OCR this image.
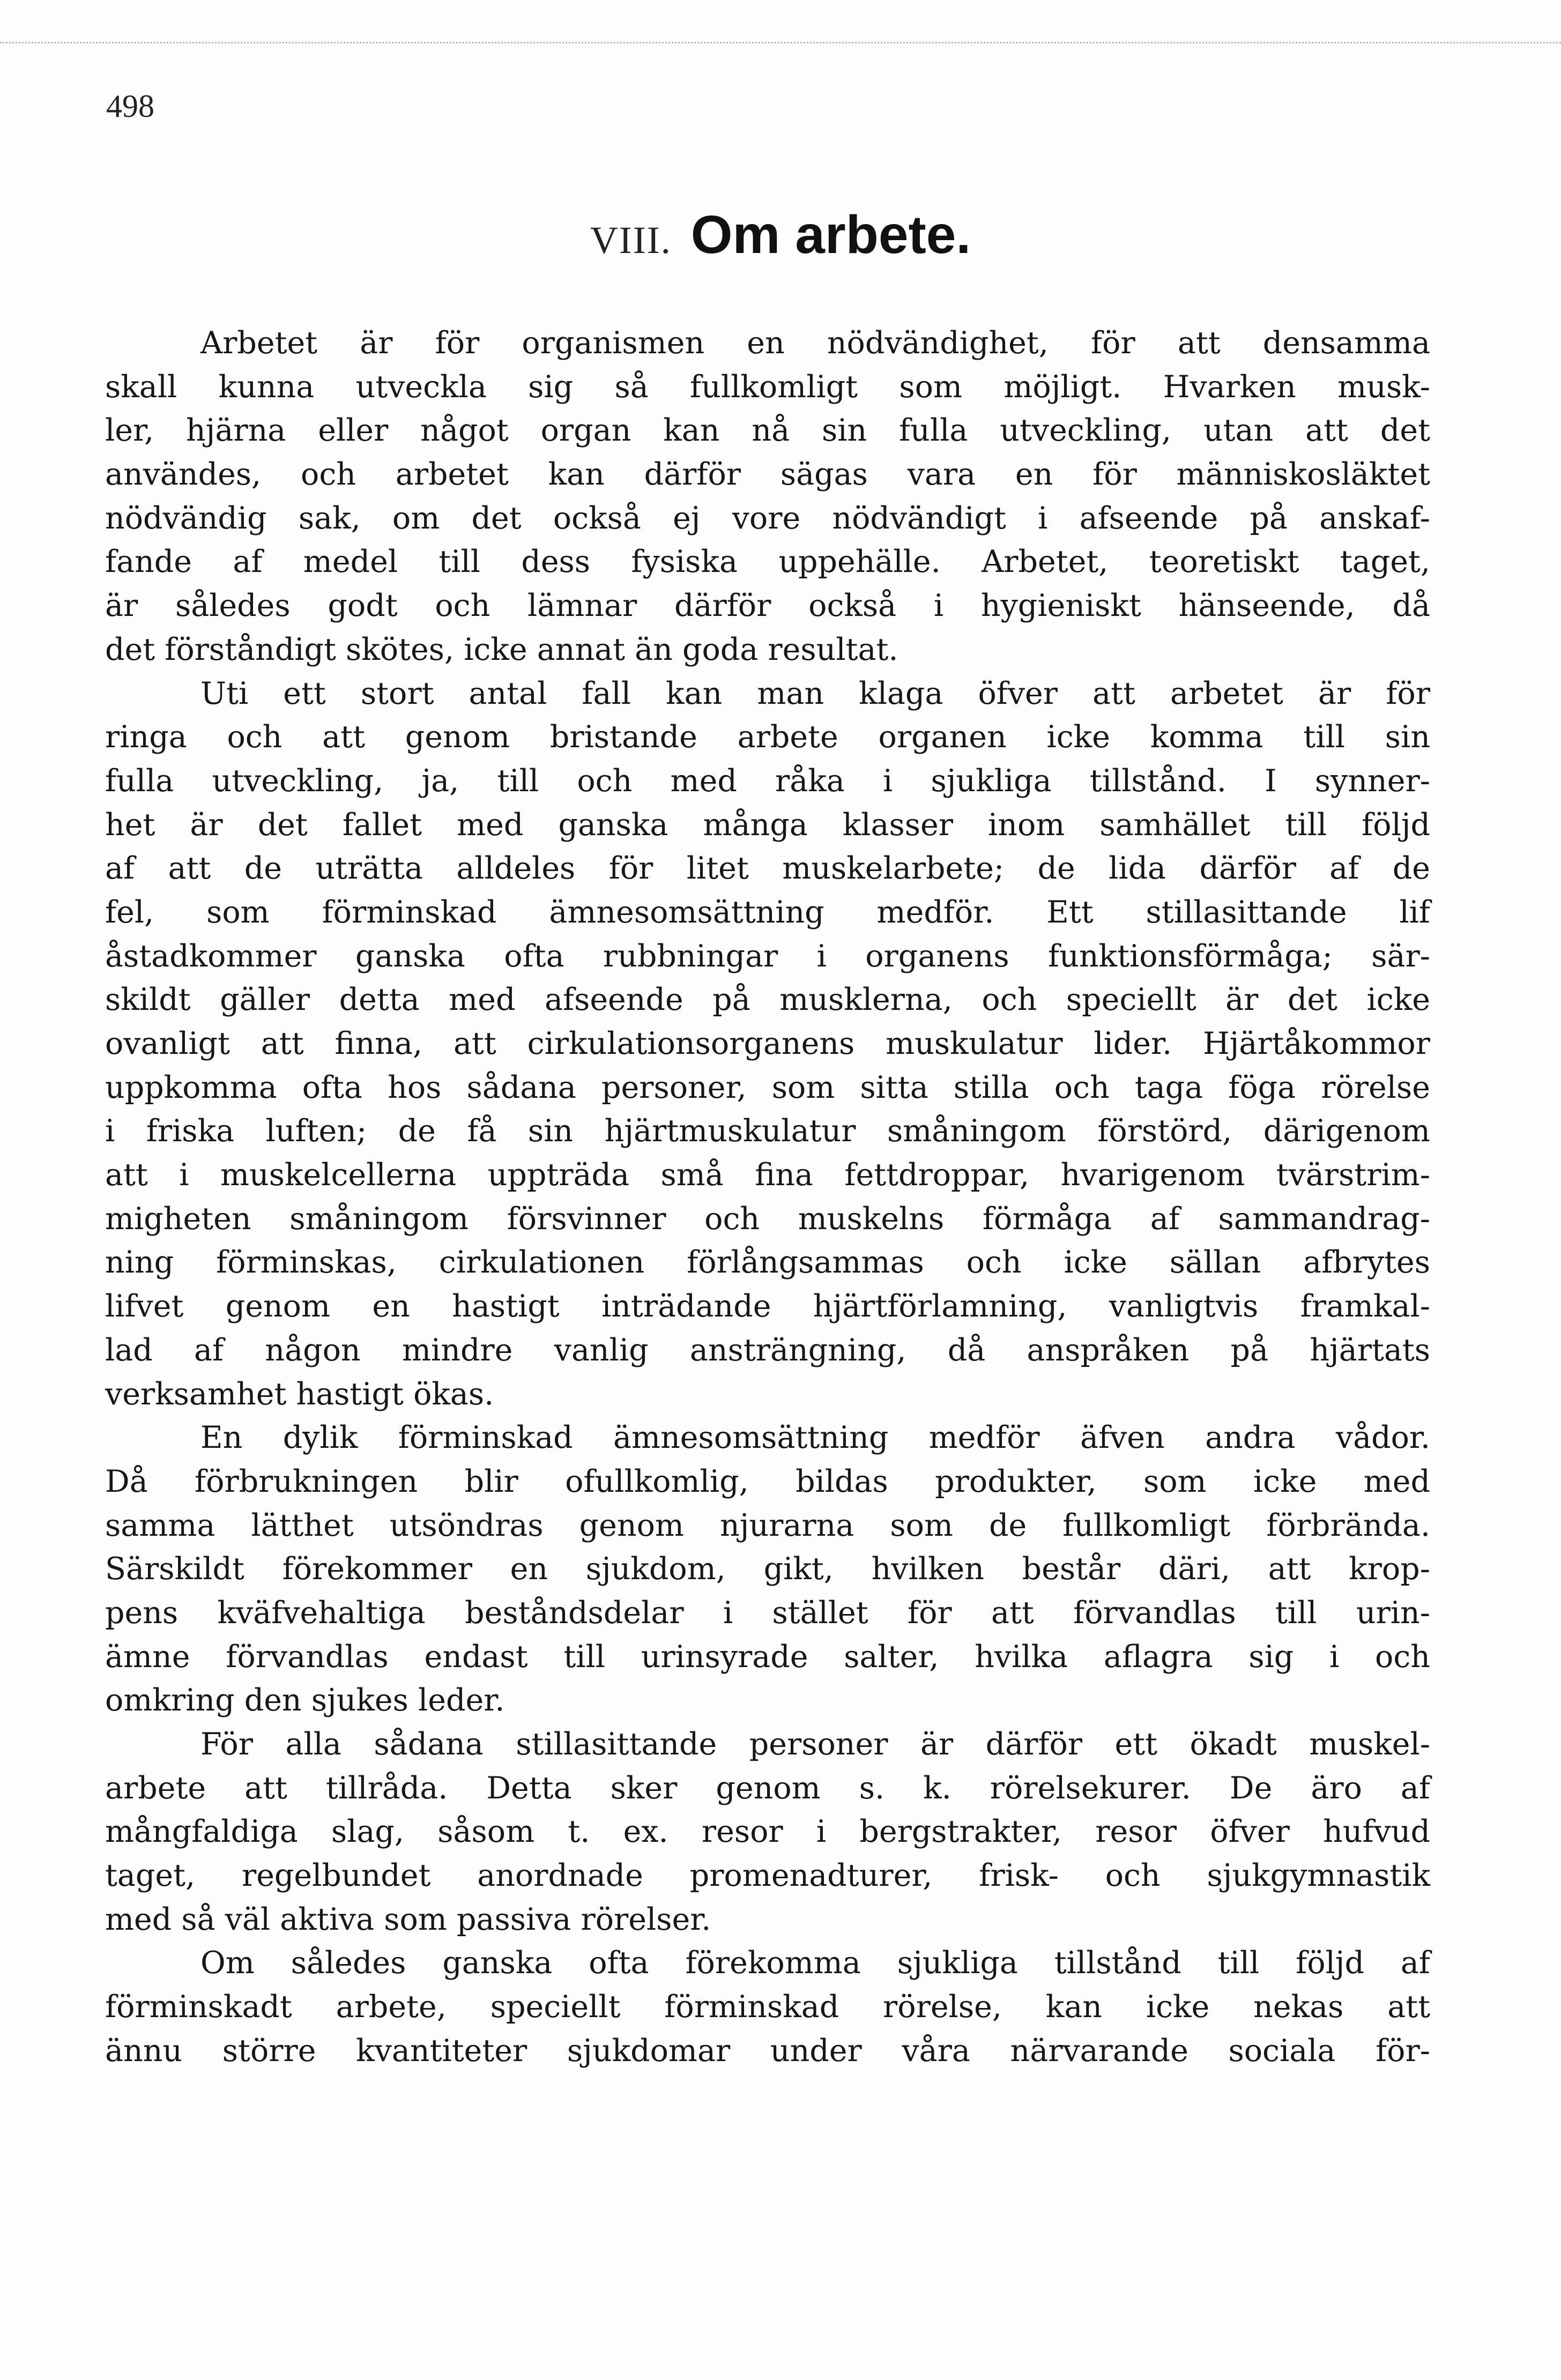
498
VIII. Om arbete.
Arbetet är för organismen en nödvändighet, för att densamma
skall kunna utveckla sig så fullkomligt som möjligt. Hvarken musk-
ler, hjärna eller något organ kan nå sin fulla utveckling, utan att det
användes, och arbetet kan därför sägas vara en för människosläktet
nödvändig sak, om det också ej vore nödvändigt i afseende på anskaf-
fande af medel till dess fysiska uppehälle. Arbetet, teoretiskt taget,
är således godt och lämnar därför också i hygieniskt hänseende, då
det förståndigt skötes, icke annat än goda resultat.
Uti ett stort antal fall kan man klaga öfver att arbetet är för
ringa och att genom bristande arbete organen icke komma till sin
fulla utveckling, ja, till och med råka i sjukliga tillstånd. I synner-
het är det fallet med ganska många klasser inom samhället till följd
af att de uträtta alldeles för litet muskelarbete; de lida därför af de
fel, som förminskad ämnesomsättning medför. Ett stillasittande lif
åstadkommer ganska ofta rubbningar i organens funktionsförmåga; sär-
skildt gäller detta med afseende på musklerna, och speciellt är det icke
ovanligt att finna, att cirkulationsorganens muskulatur lider. Hjärtåkommor
uppkomma ofta hos sådana personer, som sitta stilla och taga föga rörelse
i friska luften; de få sin hjärtmuskulatur småningom förstörd, därigenom
att i muskelcellerna uppträda små fina fettdroppar, hvarigenom tvärstrim-
migheten småningom försvinner och muskelns förmåga af sammandrag-
ning förminskas, cirkulationen förlångsammas och icke sällan afbrytes
lifvet genom en hastigt inträdande hjärtförlamning, vanligtvis framkal-
lad af någon mindre vanlig ansträngning, då anspråken på hjärtats
verksamhet hastigt ökas.
En dylik förminskad ämnesomsättning medför äfven andra vådor.
Då förbrukningen blir ofullkomlig, bildas produkter, som icke med
samma lätthet utsöndras genom njurarna som de fullkomligt förbrända.
Särskildt förekommer en sjukdom, gikt, hvilken består däri, att krop-
pens kväfvehaltiga beståndsdelar i stället för att förvandlas till urin-
ämne förvandlas endast till urinsyrade salter, hvilka aflagra sig i och
omkring den sjukes leder.
För alla sådana stillasittande personer är därför ett ökadt muskel-
arbete att tillråda. Detta sker genom s. k. rörelsekurer. De äro af
mångfaldiga slag, såsom t. ex. resor i bergstrakter, resor öfver hufvud
taget, regelbundet anordnade promenadturer, frisk- och sjukgymnastik
med så väl aktiva som passiva rörelser.
Om således ganska ofta förekomma sjukliga tillstånd till följd af
förminskadt arbete, speciellt förminskad rörelse, kan icke nekas att
ännu större kvantiteter sjukdomar under våra närvarande sociala för-
